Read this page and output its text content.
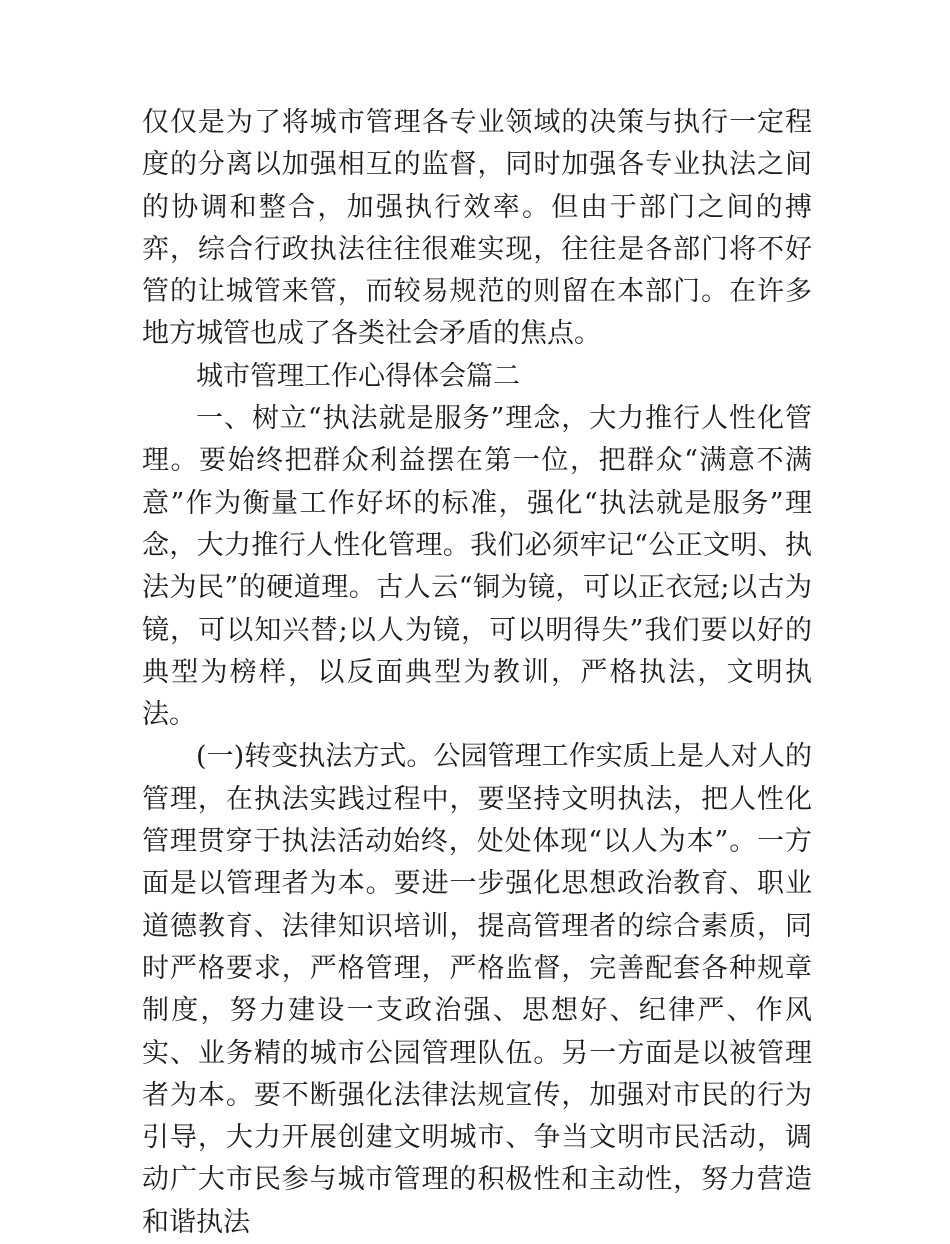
仅仅是为了将城市管理各专业领域的决策与执行一定程度的分离以加强相互的监督，同时加强各专业执法之间的协调和整合，加强执行效率。但由于部门之间的搏弈，综合行政执法往往很难实现，往往是各部门将不好管的让城管来管，而较易规范的则留在本部门。在许多地方城管也成了各类社会矛盾的焦点。

城市管理工作心得体会篇二

一、树立“执法就是服务”理念，大力推行人性化管理。要始终把群众利益摆在第一位，把群众“满意不满意”作为衡量工作好坏的标准，强化“执法就是服务”理念，大力推行人性化管理。我们必须牢记“公正文明、执法为民”的硬道理。古人云“铜为镜，可以正衣冠;以古为镜，可以知兴替;以人为镜，可以明得失”我们要以好的典型为榜样，以反面典型为教训，严格执法，文明执法。

(一)转变执法方式。公园管理工作实质上是人对人的管理，在执法实践过程中，要坚持文明执法，把人性化管理贯穿于执法活动始终，处处体现“以人为本”。一方面是以管理者为本。要进一步强化思想政治教育、职业道德教育、法律知识培训，提高管理者的综合素质，同时严格要求，严格管理，严格监督，完善配套各种规章制度，努力建设一支政治强、思想好、纪律严、作风实、业务精的城市公园管理队伍。另一方面是以被管理者为本。要不断强化法律法规宣传，加强对市民的行为引导，大力开展创建文明城市、争当文明市民活动，调动广大市民参与城市管理的积极性和主动性，努力营造和谐执法
